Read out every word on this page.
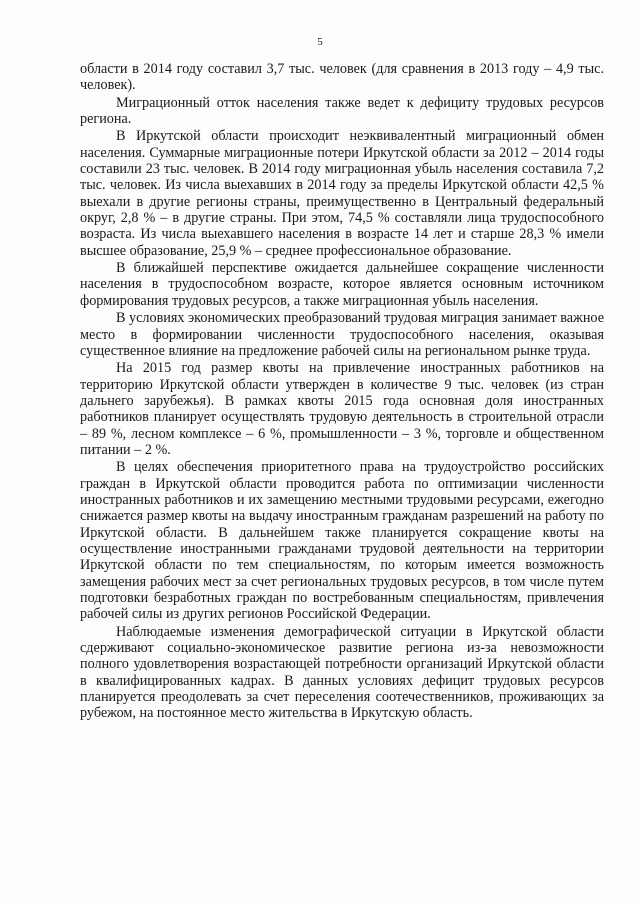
5

области в 2014 году составил 3,7 тыс. человек (для сравнения в 2013 году – 4,9 тыс. человек).

Миграционный отток населения также ведет к дефициту трудовых ресурсов региона.

В Иркутской области происходит неэквивалентный миграционный обмен населения. Суммарные миграционные потери Иркутской области за 2012 – 2014 годы составили 23 тыс. человек. В 2014 году миграционная убыль населения составила 7,2 тыс. человек. Из числа выехавших в 2014 году за пределы Иркутской области 42,5 % выехали в другие регионы страны, преимущественно в Центральный федеральный округ, 2,8 % – в другие страны. При этом, 74,5 % составляли лица трудоспособного возраста. Из числа выехавшего населения в возрасте 14 лет и старше 28,3 % имели высшее образование, 25,9 % – среднее профессиональное образование.

В ближайшей перспективе ожидается дальнейшее сокращение численности населения в трудоспособном возрасте, которое является основным источником формирования трудовых ресурсов, а также миграционная убыль населения.

В условиях экономических преобразований трудовая миграция занимает важное место в формировании численности трудоспособного населения, оказывая существенное влияние на предложение рабочей силы на региональном рынке труда.

На 2015 год размер квоты на привлечение иностранных работников на территорию Иркутской области утвержден в количестве 9 тыс. человек (из стран дальнего зарубежья). В рамках квоты 2015 года основная доля иностранных работников планирует осуществлять трудовую деятельность в строительной отрасли – 89 %, лесном комплексе – 6 %, промышленности – 3 %, торговле и общественном питании – 2 %.

В целях обеспечения приоритетного права на трудоустройство российских граждан в Иркутской области проводится работа по оптимизации численности иностранных работников и их замещению местными трудовыми ресурсами, ежегодно снижается размер квоты на выдачу иностранным гражданам разрешений на работу по Иркутской области. В дальнейшем также планируется сокращение квоты на осуществление иностранными гражданами трудовой деятельности на территории Иркутской области по тем специальностям, по которым имеется возможность замещения рабочих мест за счет региональных трудовых ресурсов, в том числе путем подготовки безработных граждан по востребованным специальностям, привлечения рабочей силы из других регионов Российской Федерации.

Наблюдаемые изменения демографической ситуации в Иркутской области сдерживают социально-экономическое развитие региона из-за невозможности полного удовлетворения возрастающей потребности организаций Иркутской области в квалифицированных кадрах. В данных условиях дефицит трудовых ресурсов планируется преодолевать за счет переселения соотечественников, проживающих за рубежом, на постоянное место жительства в Иркутскую область.
